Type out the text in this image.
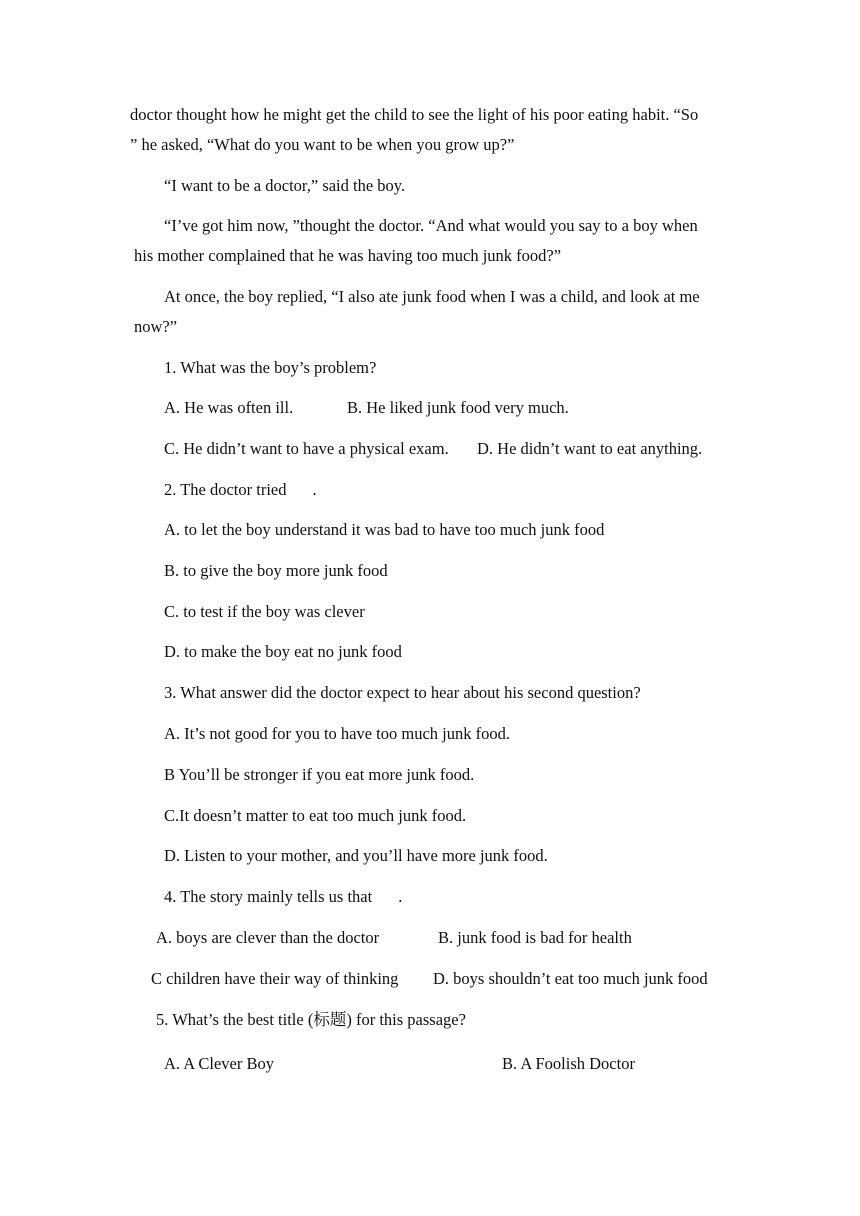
doctor thought how he might get the child to see the light of his poor eating habit. “So
” he asked, “What do you want to be when you grow up?”
“I want to be a doctor,” said the boy.
“I’ve got him now, ”thought the doctor. “And what would you say to a boy when
his mother complained that he was having too much junk food?”
At once, the boy replied, “I also ate junk food when I was a child, and look at me
now?”
1. What was the boy’s problem?
A. He was often ill.	B. He liked junk food very much.
C. He didn’t want to have a physical exam. D. He didn’t want to eat anything.
2. The doctor tried .
A. to let the boy understand it was bad to have too much junk food
B. to give the boy more junk food
C. to test if the boy was clever
D. to make the boy eat no junk food
3. What answer did the doctor expect to hear about his second question?
A. It’s not good for you to have too much junk food.
B You’ll be stronger if you eat more junk food.
C.It doesn’t matter to eat too much junk food.
D. Listen to your mother, and you’ll have more junk food.
4. The story mainly tells us that .
A. boys are clever than the doctor	B. junk food is bad for health
C children have their way of thinking D. boys shouldn’t eat too much junk food
5. What’s the best title (标题) for this passage?
A. A Clever Boy	B. A Foolish Doctor
